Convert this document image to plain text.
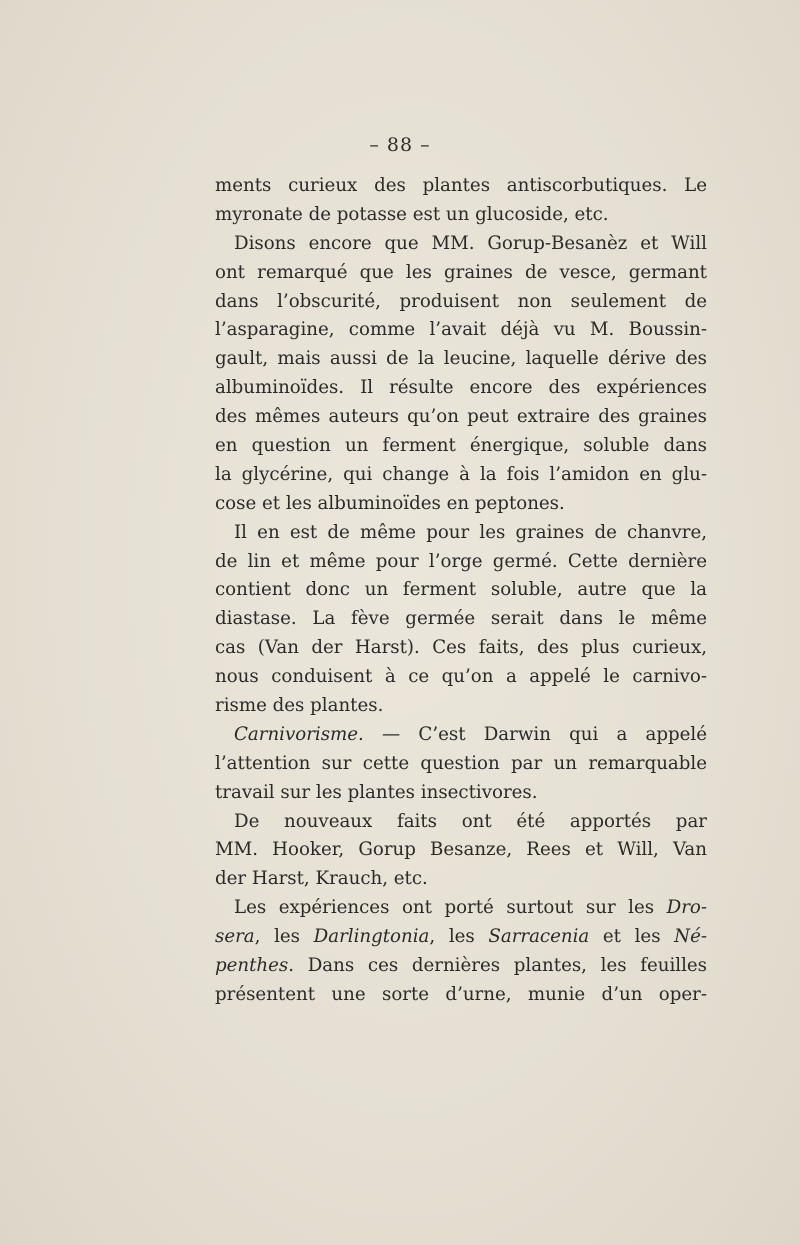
– 88 –
ments curieux des plantes antiscorbutiques. Le
myronate de potasse est un glucoside, etc.
Disons encore que MM. Gorup-Besanèz et Will
ont remarqué que les graines de vesce, germant
dans l’obscurité, produisent non seulement de
l’asparagine, comme l’avait déjà vu M. Boussin-
gault, mais aussi de la leucine, laquelle dérive des
albuminoïdes. Il résulte encore des expériences
des mêmes auteurs qu’on peut extraire des graines
en question un ferment énergique, soluble dans
la glycérine, qui change à la fois l’amidon en glu-
cose et les albuminoïdes en peptones.
Il en est de même pour les graines de chanvre,
de lin et même pour l’orge germé. Cette dernière
contient donc un ferment soluble, autre que la
diastase. La fève germée serait dans le même
cas (Van der Harst). Ces faits, des plus curieux,
nous conduisent à ce qu’on a appelé le carnivo-
risme des plantes.
Carnivorisme. — C’est Darwin qui a appelé
l’attention sur cette question par un remarquable
travail sur les plantes insectivores.
De nouveaux faits ont été apportés par
MM. Hooker, Gorup Besanze, Rees et Will, Van
der Harst, Krauch, etc.
Les expériences ont porté surtout sur les Dro-
sera, les Darlingtonia, les Sarracenia et les Né-
penthes. Dans ces dernières plantes, les feuilles
présentent une sorte d’urne, munie d’un oper-
